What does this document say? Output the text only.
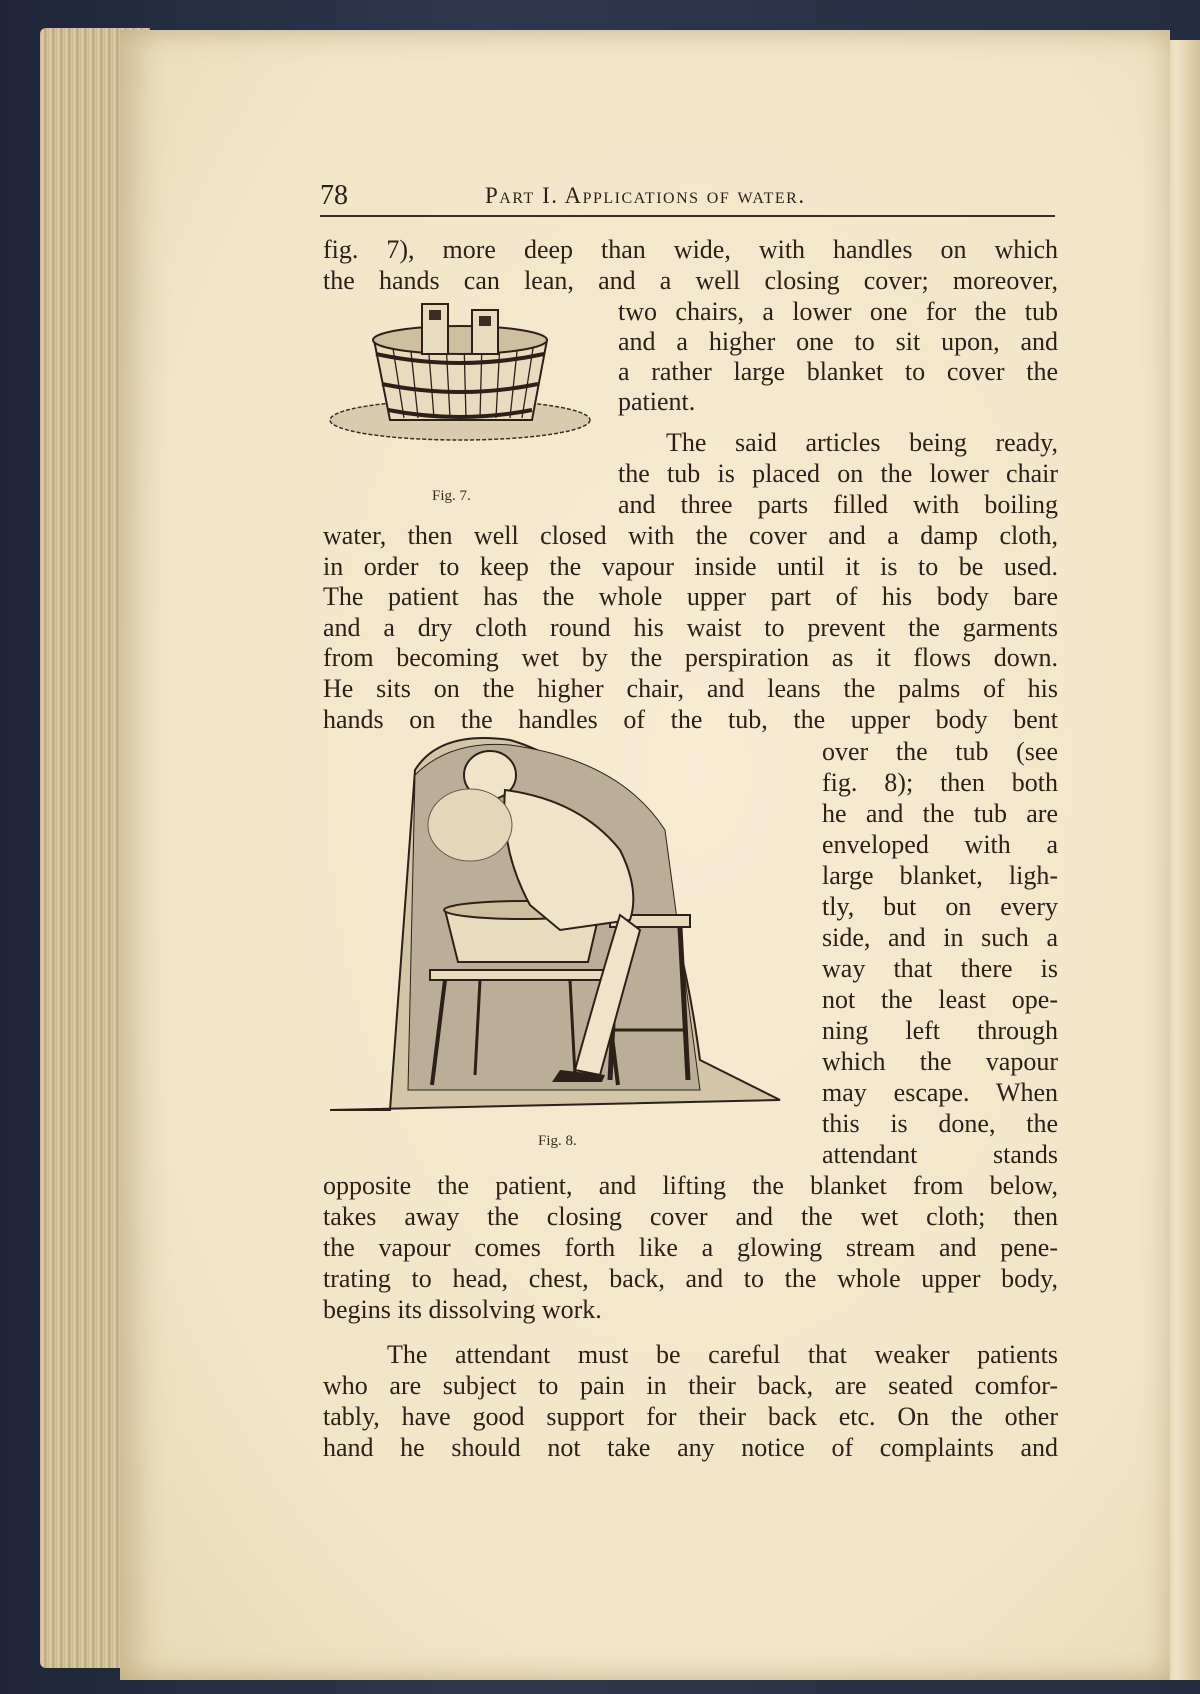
78	Part I. Applications of water.
Fig. 7.
Fig. 8.
fig. 7), more deep than wide, with handles on which
the hands can lean, and a well closing cover; moreover,
two chairs, a lower one for the tub
and a higher one to sit upon, and
a rather large blanket to cover the
patient.
The said articles being ready,
the tub is placed on the lower chair
and three parts filled with boiling
water, then well closed with the cover and a damp cloth,
in order to keep the vapour inside until it is to be used.
The patient has the whole upper part of his body bare
and a dry cloth round his waist to prevent the garments
from becoming wet by the perspiration as it flows down.
He sits on the higher chair, and leans the palms of his
hands on the handles of the tub, the upper body bent
over the tub (see
fig. 8); then both
he and the tub are
enveloped with a
large blanket, ligh-
tly, but on every
side, and in such a
way that there is
not the least ope-
ning left through
which the vapour
may escape. When
this is done, the
attendant stands
opposite the patient, and lifting the blanket from below,
takes away the closing cover and the wet cloth; then
the vapour comes forth like a glowing stream and pene-
trating to head, chest, back, and to the whole upper body,
begins its dissolving work.
The attendant must be careful that weaker patients
who are subject to pain in their back, are seated comfor-
tably, have good support for their back etc. On the other
hand he should not take any notice of complaints and
